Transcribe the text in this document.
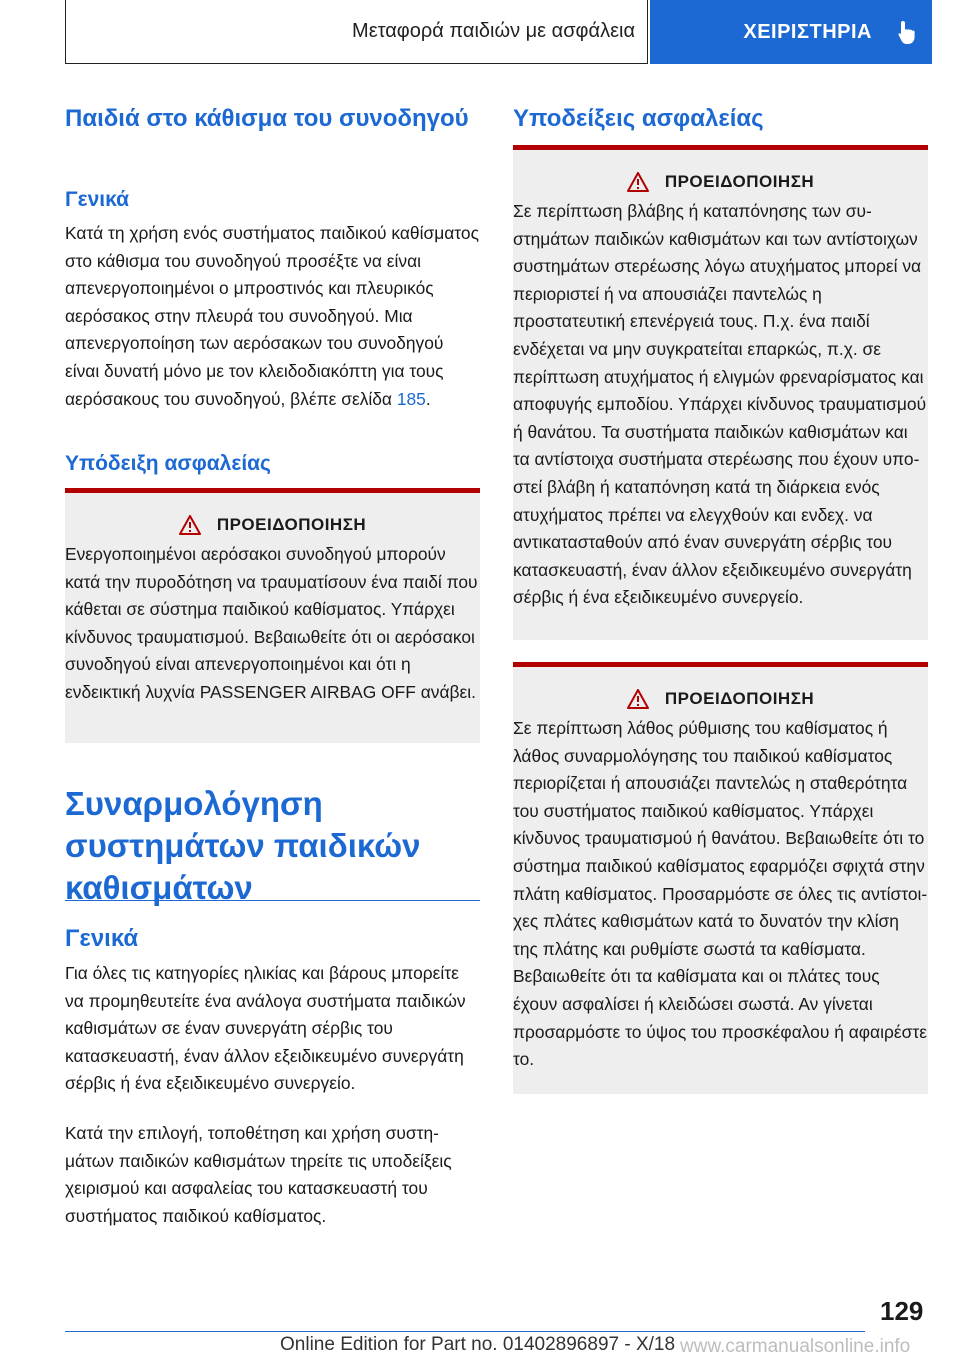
Μεταφορά παιδιών με ασφάλεια	ΧΕΙΡΙΣΤΗΡΙΑ
Παιδιά στο κάθισμα του συνοδηγού
Γενικά

Κατά τη χρήση ενός συστήματος παιδικού καθίσματος στο κάθισμα του συνοδηγού προσέξτε να είναι απενεργοποιημένοι ο μπροστινός και πλευρικός αερόσακος στην πλευρά του συνοδηγού. Μια απενεργοποίηση των αερόσακων του συνοδηγού είναι δυνατή μόνο με τον κλειδοδιακόπτη για τους αερόσακους του συνοδηγού, βλέπε σελίδα 185.

Υπόδειξη ασφαλείας
ΠΡΟΕΙΔΟΠΟΙΗΣΗ

Ενεργοποιημένοι αερόσακοι συνοδηγού μπορούν κατά την πυροδότηση να τραυματίσουν ένα παιδί που κάθεται σε σύστημα παιδικού καθίσματος. Υπάρχει κίνδυνος τραυματισμού. Βεβαιωθείτε ότι οι αερόσακοι συνοδηγού είναι απενεργοποιημένοι και ότι η ενδεικτική λυχνία PASSENGER AIRBAG OFF ανάβει.

Συναρμολόγηση συστημάτων παιδικών καθισμάτων
Γενικά

Για όλες τις κατηγορίες ηλικίας και βάρους μπορείτε να προμηθευτείτε ένα ανάλογα συστήματα παιδικών καθισμάτων σε έναν συνεργάτη σέρβις του κατασκευαστή, έναν άλλον εξειδικευμένο συνεργάτη σέρβις ή ένα εξειδικευμένο συνεργείο.

Κατά την επιλογή, τοποθέτηση και χρήση συστημάτων παιδικών καθισμάτων τηρείτε τις υποδείξεις χειρισμού και ασφαλείας του κατασκευαστή του συστήματος παιδικού καθίσματος.

Υποδείξεις ασφαλείας
ΠΡΟΕΙΔΟΠΟΙΗΣΗ

Σε περίπτωση βλάβης ή καταπόνησης των συστημάτων παιδικών καθισμάτων και των αντίστοιχων συστημάτων στερέωσης λόγω ατυχήματος μπορεί να περιοριστεί ή να απουσιάζει παντελώς η προστατευτική επενέργειά τους. Π.χ. ένα παιδί ενδέχεται να μην συγκρατείται επαρκώς, π.χ. σε περίπτωση ατυχήματος ή ελιγμών φρεναρίσματος και αποφυγής εμποδίου. Υπάρχει κίνδυνος τραυματισμού ή θανάτου. Τα συστήματα παιδικών καθισμάτων και τα αντίστοιχα συστήματα στερέωσης που έχουν υποστεί βλάβη ή καταπόνηση κατά τη διάρκεια ενός ατυχήματος πρέπει να ελεγχθούν και ενδεχ. να αντικατασταθούν από έναν συνεργάτη σέρβις του κατασκευαστή, έναν άλλον εξειδικευμένο συνεργάτη σέρβις ή ένα εξειδικευμένο συνεργείο.

ΠΡΟΕΙΔΟΠΟΙΗΣΗ

Σε περίπτωση λάθος ρύθμισης του καθίσματος ή λάθος συναρμολόγησης του παιδικού καθίσματος περιορίζεται ή απουσιάζει παντελώς η σταθερότητα του συστήματος παιδικού καθίσματος. Υπάρχει κίνδυνος τραυματισμού ή θανάτου. Βεβαιωθείτε ότι το σύστημα παιδικού καθίσματος εφαρμόζει σφιχτά στην πλάτη καθίσματος. Προσαρμόστε σε όλες τις αντίστοιχες πλάτες καθισμάτων κατά το δυνατόν την κλίση της πλάτης και ρυθμίστε σωστά τα καθίσματα. Βεβαιωθείτε ότι τα καθίσματα και οι πλάτες τους έχουν ασφαλίσει ή κλειδώσει σωστά. Αν γίνεται προσαρμόστε το ύψος του προσκέφαλου ή αφαιρέστε το.

129
Online Edition for Part no. 01402896897 - X/18 www.carmanualsonline.info
